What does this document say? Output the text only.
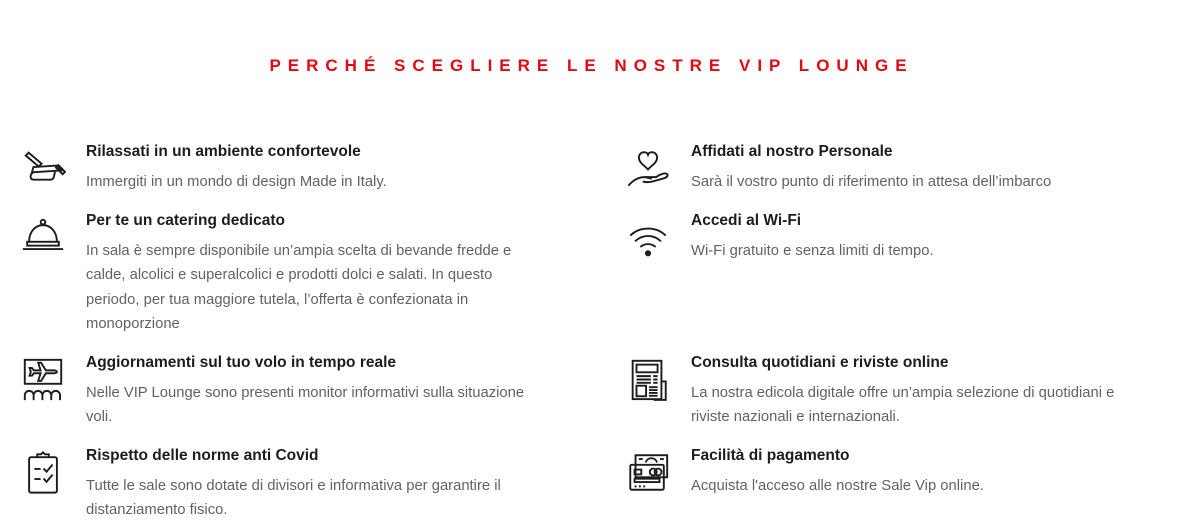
PERCHÉ SCEGLIERE LE NOSTRE VIP LOUNGE
Rilassati in un ambiente confortevole

Immergiti in un mondo di design Made in Italy.

Affidati al nostro Personale

Sarà il vostro punto di riferimento in attesa dell’imbarco

Per te un catering dedicato

In sala è sempre disponibile un’ampia scelta di bevande fredde e calde, alcolici e superalcolici e prodotti dolci e salati. In questo periodo, per tua maggiore tutela, l’offerta è confezionata in monoporzione

Accedi al Wi-Fi

Wi-Fi gratuito e senza limiti di tempo.

Aggiornamenti sul tuo volo in tempo reale

Nelle VIP Lounge sono presenti monitor informativi sulla situazione voli.

Consulta quotidiani e riviste online

La nostra edicola digitale offre un’ampia selezione di quotidiani e riviste nazionali e internazionali.

Rispetto delle norme anti Covid

Tutte le sale sono dotate di divisori e informativa per garantire il distanziamento fisico.

Facilità di pagamento

Acquista l'acceso alle nostre Sale Vip online.
